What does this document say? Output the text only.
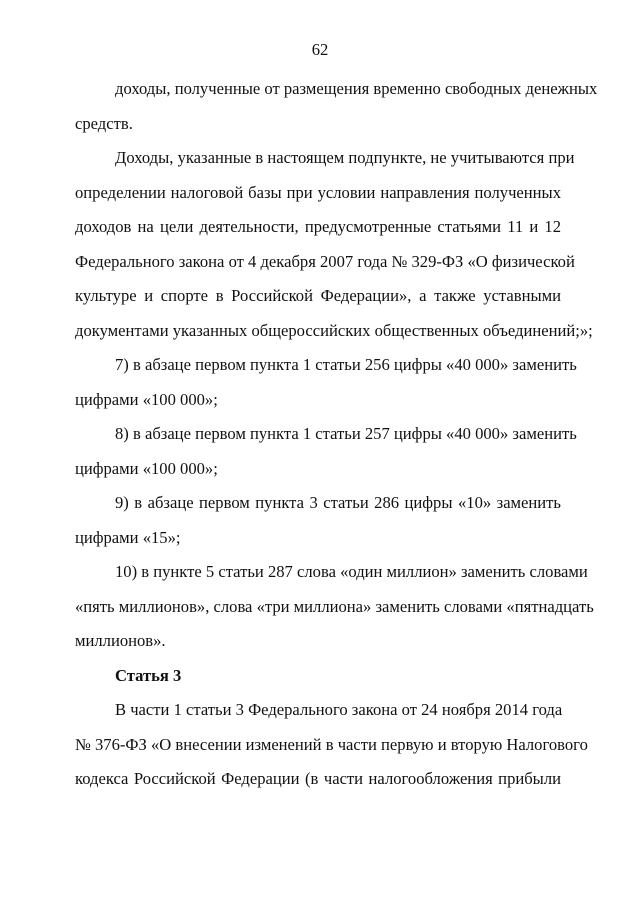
62
доходы, полученные от размещения временно свободных денежных
средств.
Доходы, указанные в настоящем подпункте, не учитываются при
определении налоговой базы при условии направления полученных
доходов на цели деятельности, предусмотренные статьями 11 и 12
Федерального закона от 4 декабря 2007 года № 329-ФЗ «О физической
культуре и спорте в Российской Федерации», а также уставными
документами указанных общероссийских общественных объединений;»;
7) в абзаце первом пункта 1 статьи 256 цифры «40 000» заменить
цифрами «100 000»;
8) в абзаце первом пункта 1 статьи 257 цифры «40 000» заменить
цифрами «100 000»;
9) в абзаце первом пункта 3 статьи 286 цифры «10» заменить
цифрами «15»;
10) в пункте 5 статьи 287 слова «один миллион» заменить словами
«пять миллионов», слова «три миллиона» заменить словами «пятнадцать
миллионов».
Статья 3
В части 1 статьи 3 Федерального закона от 24 ноября 2014 года
№ 376-ФЗ «О внесении изменений в части первую и вторую Налогового
кодекса Российской Федерации (в части налогообложения прибыли
